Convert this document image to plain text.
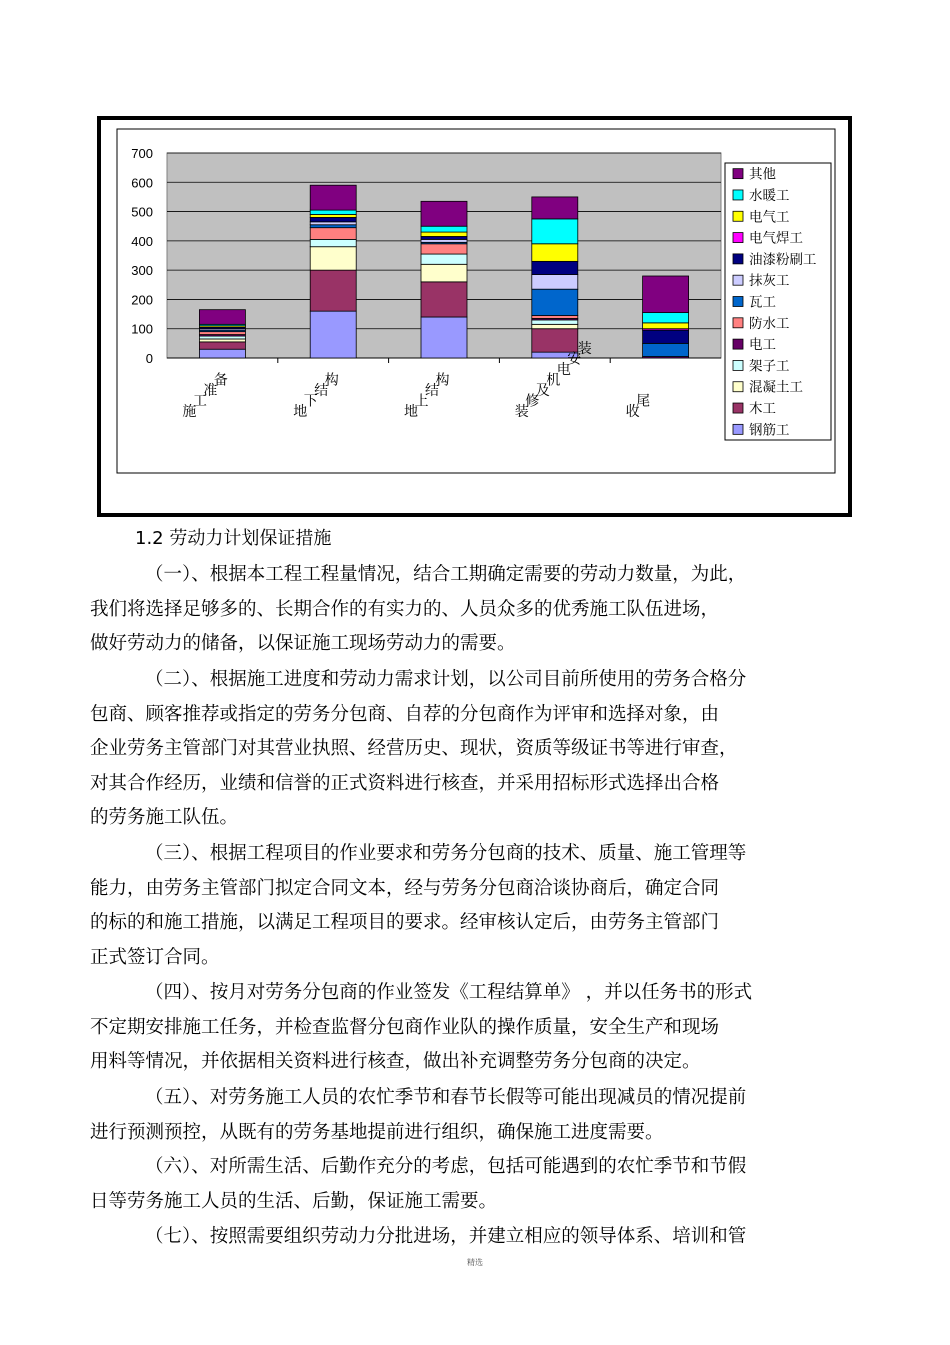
0
100
200
300
400
500
600
700
施
工
准
备
地
下
结
构
地
上
结
构
装
修
及
机
电
安
装
收
尾
其他
水暖工
电气工
电气焊工
油漆粉刷工
抹灰工
瓦工
防水工
电工
架子工
混凝土工
木工
钢筋工
1.2 劳动力计划保证措施
（一）、根据本工程工程量情况，结合工期确定需要的劳动力数量，为此，
我们将选择足够多的、长期合作的有实力的、人员众多的优秀施工队伍进场，
做好劳动力的储备，以保证施工现场劳动力的需要。
（二）、根据施工进度和劳动力需求计划，以公司目前所使用的劳务合格分
包商、顾客推荐或指定的劳务分包商、自荐的分包商作为评审和选择对象，由
企业劳务主管部门对其营业执照、经营历史、现状，资质等级证书等进行审查，
对其合作经历，业绩和信誉的正式资料进行核查，并采用招标形式选择出合格
的劳务施工队伍。
（三）、根据工程项目的作业要求和劳务分包商的技术、质量、施工管理等
能力，由劳务主管部门拟定合同文本，经与劳务分包商洽谈协商后，确定合同
的标的和施工措施，以满足工程项目的要求。经审核认定后，由劳务主管部门
正式签订合同。
（四）、按月对劳务分包商的作业签发《工程结算单》 ，并以任务书的形式
不定期安排施工任务，并检查监督分包商作业队的操作质量，安全生产和现场
用料等情况，并依据相关资料进行核查，做出补充调整劳务分包商的决定。
（五）、对劳务施工人员的农忙季节和春节长假等可能出现减员的情况提前
进行预测预控，从既有的劳务基地提前进行组织，确保施工进度需要。
（六）、对所需生活、后勤作充分的考虑，包括可能遇到的农忙季节和节假
日等劳务施工人员的生活、后勤，保证施工需要。
（七）、按照需要组织劳动力分批进场，并建立相应的领导体系、培训和管
精选
